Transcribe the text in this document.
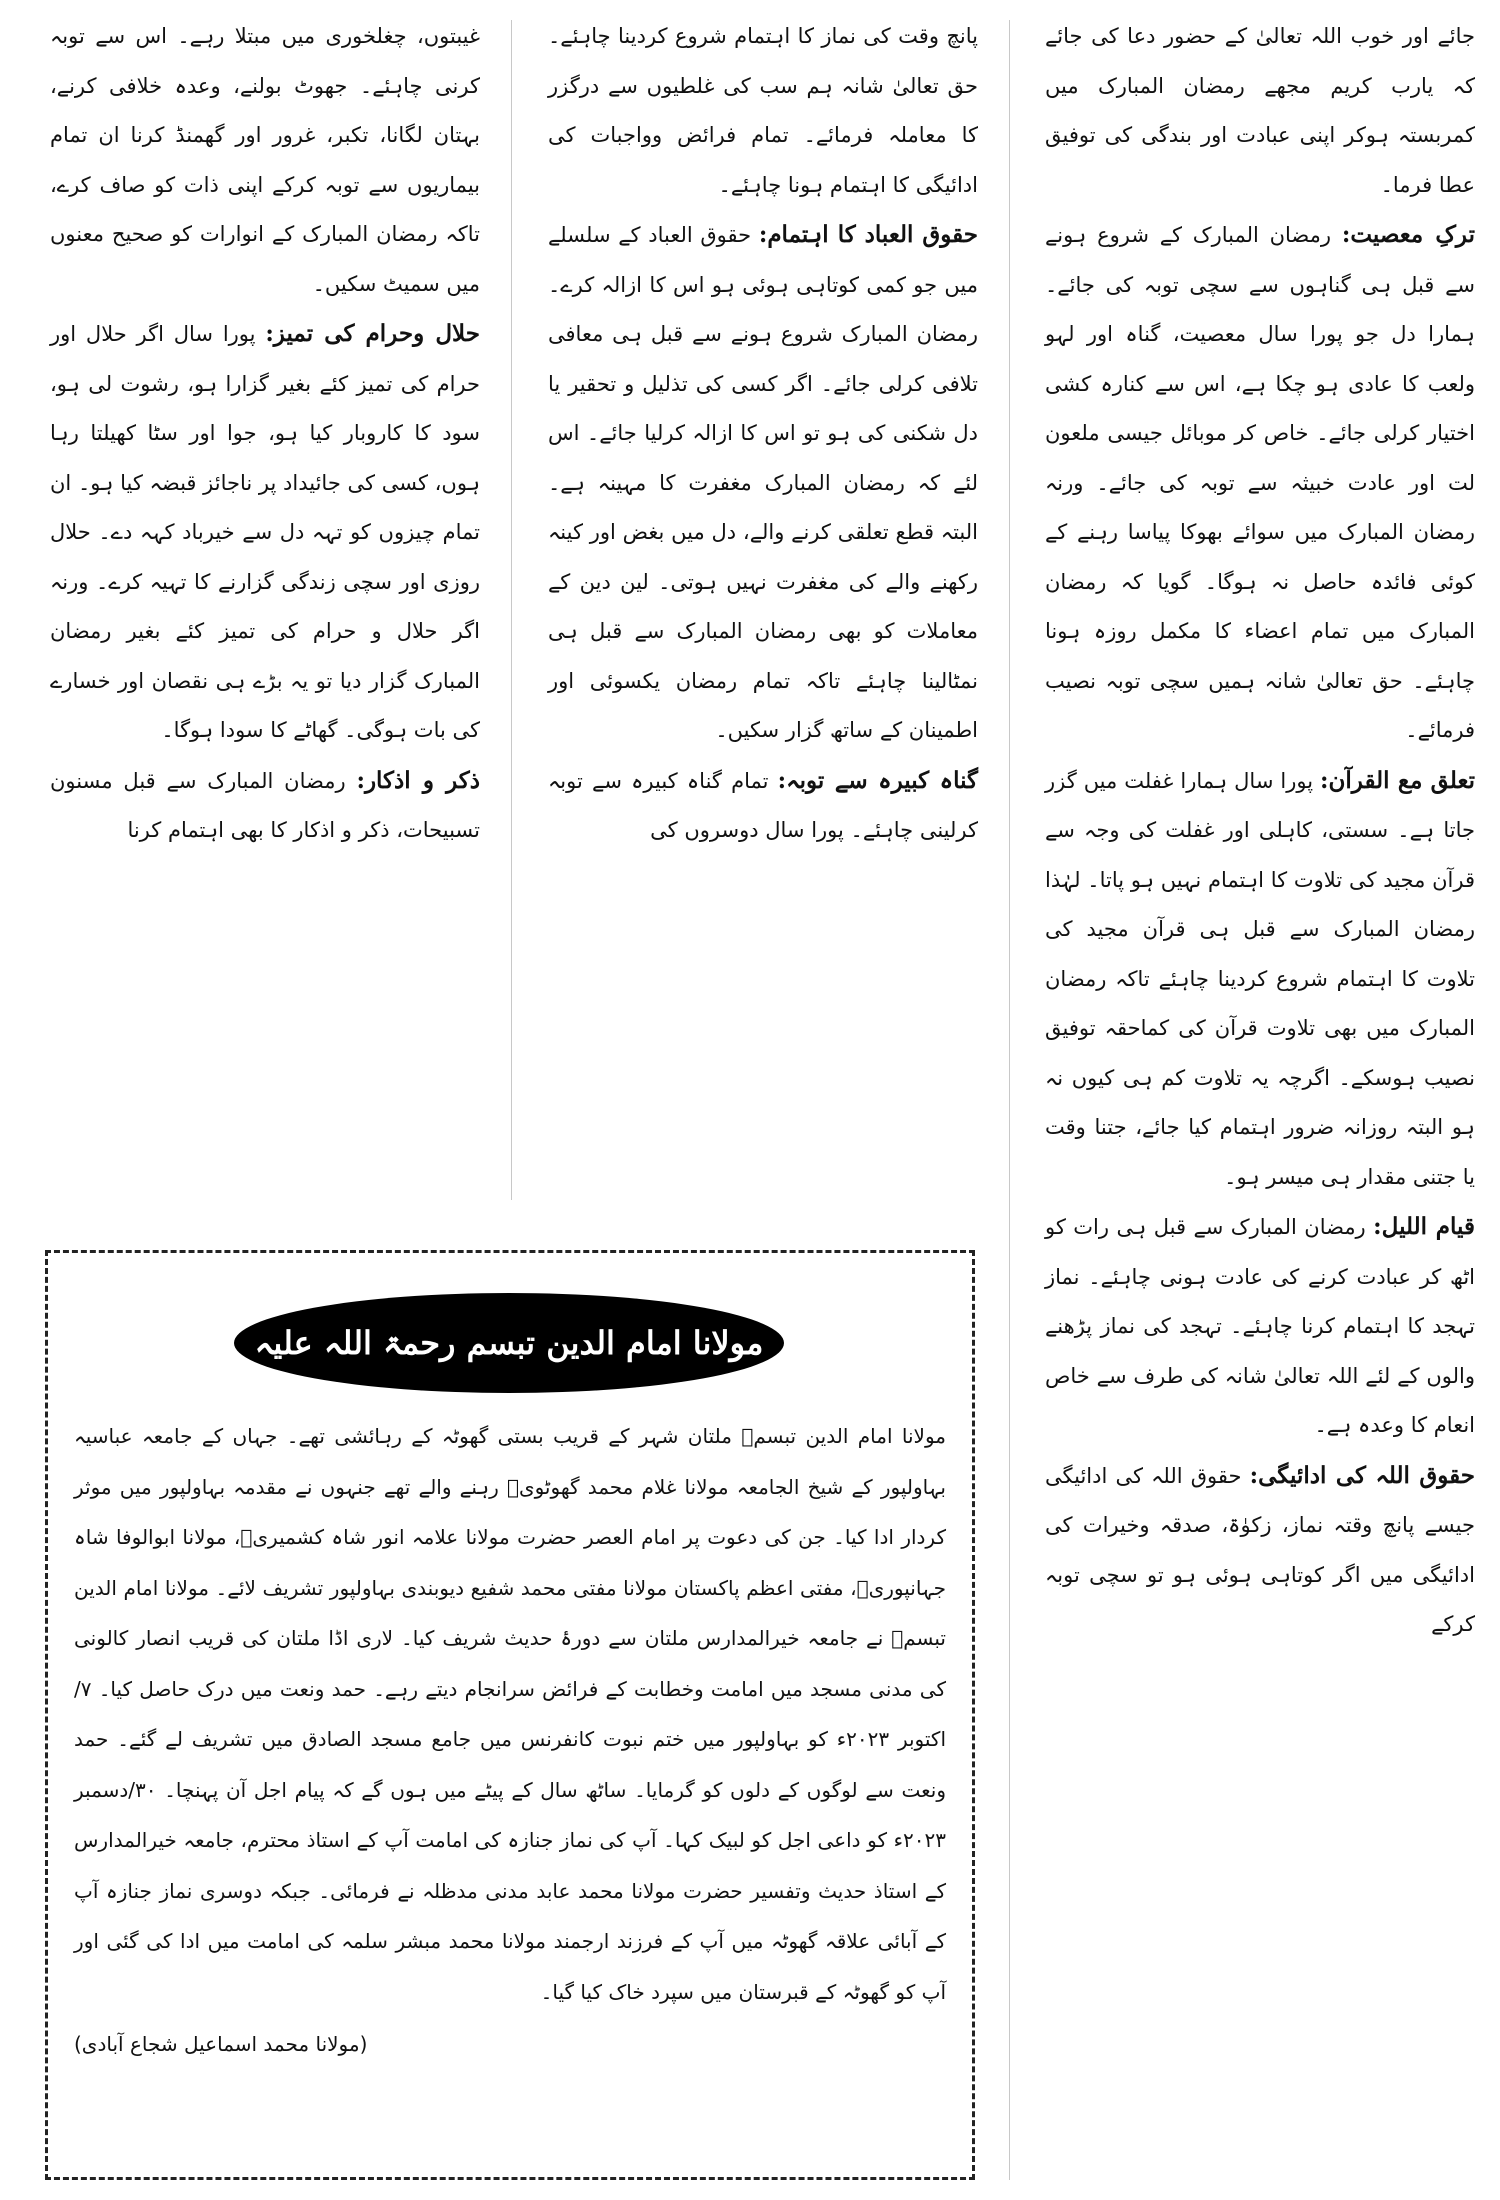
جائے اور خوب اللہ تعالیٰ کے حضور دعا کی جائے کہ یارب کریم مجھے رمضان المبارک میں کمربستہ ہوکر اپنی عبادت اور بندگی کی توفیق عطا فرما۔

ترکِ معصیت: رمضان المبارک کے شروع ہونے سے قبل ہی گناہوں سے سچی توبہ کی جائے۔ ہمارا دل جو پورا سال معصیت، گناہ اور لہو ولعب کا عادی ہو چکا ہے، اس سے کنارہ کشی اختیار کرلی جائے۔ خاص کر موبائل جیسی ملعون لت اور عادت خبیثہ سے توبہ کی جائے۔ ورنہ رمضان المبارک میں سوائے بھوکا پیاسا رہنے کے کوئی فائدہ حاصل نہ ہوگا۔ گویا کہ رمضان المبارک میں تمام اعضاء کا مکمل روزہ ہونا چاہئے۔ حق تعالیٰ شانہ ہمیں سچی توبہ نصیب فرمائے۔

تعلق مع القرآن: پورا سال ہمارا غفلت میں گزر جاتا ہے۔ سستی، کاہلی اور غفلت کی وجہ سے قرآن مجید کی تلاوت کا اہتمام نہیں ہو پاتا۔ لہٰذا رمضان المبارک سے قبل ہی قرآن مجید کی تلاوت کا اہتمام شروع کردینا چاہئے تاکہ رمضان المبارک میں بھی تلاوت قرآن کی کماحقہ توفیق نصیب ہوسکے۔ اگرچہ یہ تلاوت کم ہی کیوں نہ ہو البتہ روزانہ ضرور اہتمام کیا جائے، جتنا وقت یا جتنی مقدار ہی میسر ہو۔

قیام اللیل: رمضان المبارک سے قبل ہی رات کو اٹھ کر عبادت کرنے کی عادت ہونی چاہئے۔ نماز تہجد کا اہتمام کرنا چاہئے۔ تہجد کی نماز پڑھنے والوں کے لئے اللہ تعالیٰ شانہ کی طرف سے خاص انعام کا وعدہ ہے۔

حقوق اللہ کی ادائیگی: حقوق اللہ کی ادائیگی جیسے پانچ وقتہ نماز، زکوٰۃ، صدقہ وخیرات کی ادائیگی میں اگر کوتاہی ہوئی ہو تو سچی توبہ کرکے

پانچ وقت کی نماز کا اہتمام شروع کردینا چاہئے۔ حق تعالیٰ شانہ ہم سب کی غلطیوں سے درگزر کا معاملہ فرمائے۔ تمام فرائض وواجبات کی ادائیگی کا اہتمام ہونا چاہئے۔

حقوق العباد کا اہتمام: حقوق العباد کے سلسلے میں جو کمی کوتاہی ہوئی ہو اس کا ازالہ کرے۔ رمضان المبارک شروع ہونے سے قبل ہی معافی تلافی کرلی جائے۔ اگر کسی کی تذلیل و تحقیر یا دل شکنی کی ہو تو اس کا ازالہ کرلیا جائے۔ اس لئے کہ رمضان المبارک مغفرت کا مہینہ ہے۔ البتہ قطع تعلقی کرنے والے، دل میں بغض اور کینہ رکھنے والے کی مغفرت نہیں ہوتی۔ لین دین کے معاملات کو بھی رمضان المبارک سے قبل ہی نمٹالینا چاہئے تاکہ تمام رمضان یکسوئی اور اطمینان کے ساتھ گزار سکیں۔

گناہ کبیرہ سے توبہ: تمام گناہ کبیرہ سے توبہ کرلینی چاہئے۔ پورا سال دوسروں کی

غیبتوں، چغلخوری میں مبتلا رہے۔ اس سے توبہ کرنی چاہئے۔ جھوٹ بولنے، وعدہ خلافی کرنے، بہتان لگانا، تکبر، غرور اور گھمنڈ کرنا ان تمام بیماریوں سے توبہ کرکے اپنی ذات کو صاف کرے، تاکہ رمضان المبارک کے انوارات کو صحیح معنوں میں سمیٹ سکیں۔

حلال وحرام کی تمیز: پورا سال اگر حلال اور حرام کی تمیز کئے بغیر گزارا ہو، رشوت لی ہو، سود کا کاروبار کیا ہو، جوا اور سٹا کھیلتا رہا ہوں، کسی کی جائیداد پر ناجائز قبضہ کیا ہو۔ ان تمام چیزوں کو تہہ دل سے خیرباد کہہ دے۔ حلال روزی اور سچی زندگی گزارنے کا تہیہ کرے۔ ورنہ اگر حلال و حرام کی تمیز کئے بغیر رمضان المبارک گزار دیا تو یہ بڑے ہی نقصان اور خسارے کی بات ہوگی۔ گھاٹے کا سودا ہوگا۔

ذکر و اذکار: رمضان المبارک سے قبل مسنون تسبیحات، ذکر و اذکار کا بھی اہتمام کرنا

مولانا امام الدین تبسم رحمۃ اللہ علیہ

مولانا امام الدین تبسمؒ ملتان شہر کے قریب بستی گھوٹہ کے رہائشی تھے۔ جہاں کے جامعہ عباسیہ بہاولپور کے شیخ الجامعہ مولانا غلام محمد گھوٹویؒ رہنے والے تھے جنہوں نے مقدمہ بہاولپور میں موثر کردار ادا کیا۔ جن کی دعوت پر امام العصر حضرت مولانا علامہ انور شاہ کشمیریؒ، مولانا ابوالوفا شاہ جہانپوریؒ، مفتی اعظم پاکستان مولانا مفتی محمد شفیع دیوبندی بہاولپور تشریف لائے۔ مولانا امام الدین تبسمؒ نے جامعہ خیرالمدارس ملتان سے دورۂ حدیث شریف کیا۔ لاری اڈا ملتان کی قریب انصار کالونی کی مدنی مسجد میں امامت وخطابت کے فرائض سرانجام دیتے رہے۔ حمد ونعت میں درک حاصل کیا۔ ۷/اکتوبر ۲۰۲۳ء کو بہاولپور میں ختم نبوت کانفرنس میں جامع مسجد الصادق میں تشریف لے گئے۔ حمد ونعت سے لوگوں کے دلوں کو گرمایا۔ ساٹھ سال کے پیٹے میں ہوں گے کہ پیام اجل آن پہنچا۔ ۳۰/دسمبر ۲۰۲۳ء کو داعی اجل کو لبیک کہا۔ آپ کی نماز جنازہ کی امامت آپ کے استاذ محترم، جامعہ خیرالمدارس کے استاذ حدیث وتفسیر حضرت مولانا محمد عابد مدنی مدظلہ نے فرمائی۔ جبکہ دوسری نماز جنازہ آپ کے آبائی علاقہ گھوٹہ میں آپ کے فرزند ارجمند مولانا محمد مبشر سلمہ کی امامت میں ادا کی گئی اور آپ کو گھوٹہ کے قبرستان میں سپرد خاک کیا گیا۔
(مولانا محمد اسماعیل شجاع آبادی)
